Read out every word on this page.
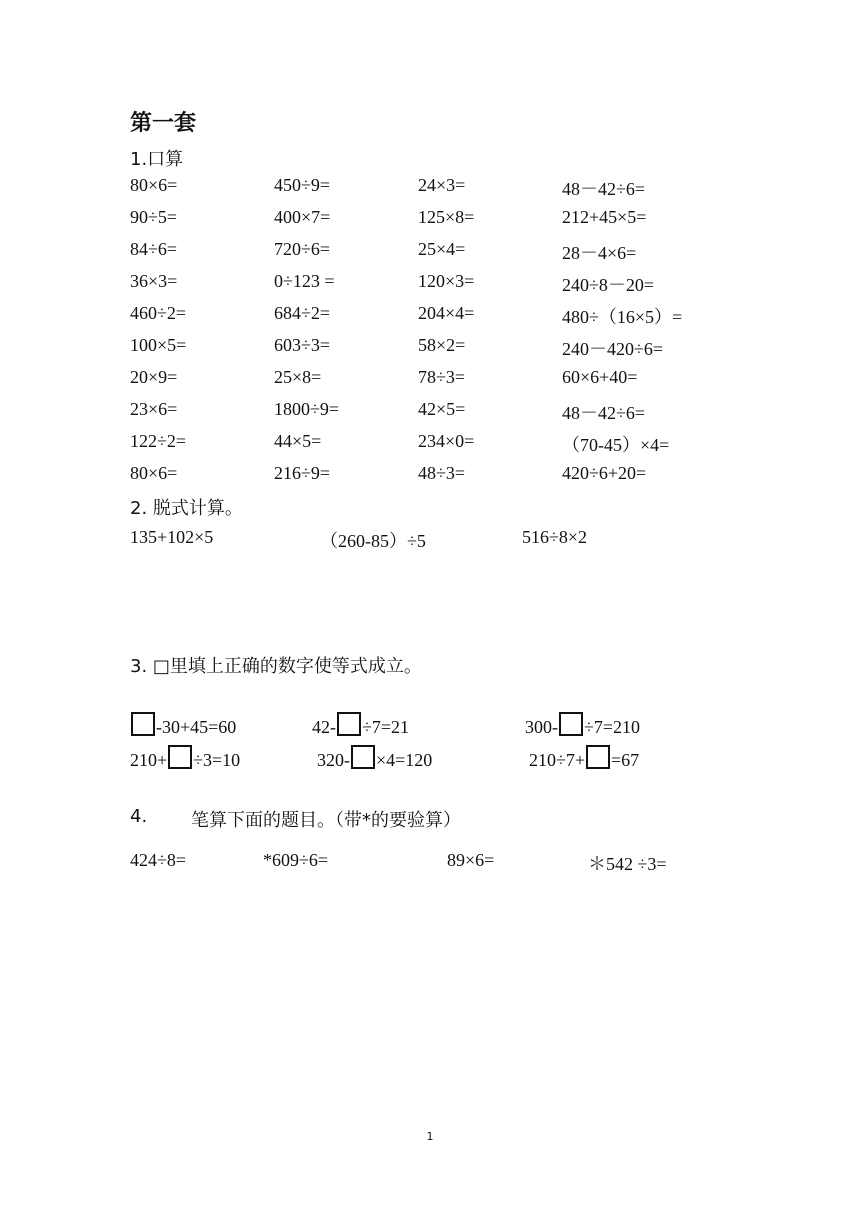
第一套
1.口算
80×6=	450÷9=	24×3=	48－42÷6=
90÷5=	400×7=	125×8=	212+45×5=
84÷6=	720÷6=	25×4=	28－4×6=
36×3=	0÷123 =	120×3=	240÷8－20=
460÷2=	684÷2=	204×4=	480÷（16×5）=
100×5=	603÷3=	58×2=	240－420÷6=
20×9=	25×8=	78÷3=	60×6+40=
23×6=	1800÷9=	42×5=	48－42÷6=
122÷2=	44×5=	234×0=	（70-45）×4=
80×6=	216÷9=	48÷3=	420÷6+20=
2. 脱式计算。
135+102×5	（260-85）÷5	516÷8×2
3. □里填上正确的数字使等式成立。
-30+45=60	42- ÷7=21	300- ÷7=210
210+ ÷3=10	320- ×4=120	210÷7+ =67
4. 笔算下面的题目。（带*的要验算）
424÷8=	*609÷6=	89×6=	＊542 ÷3=
1
